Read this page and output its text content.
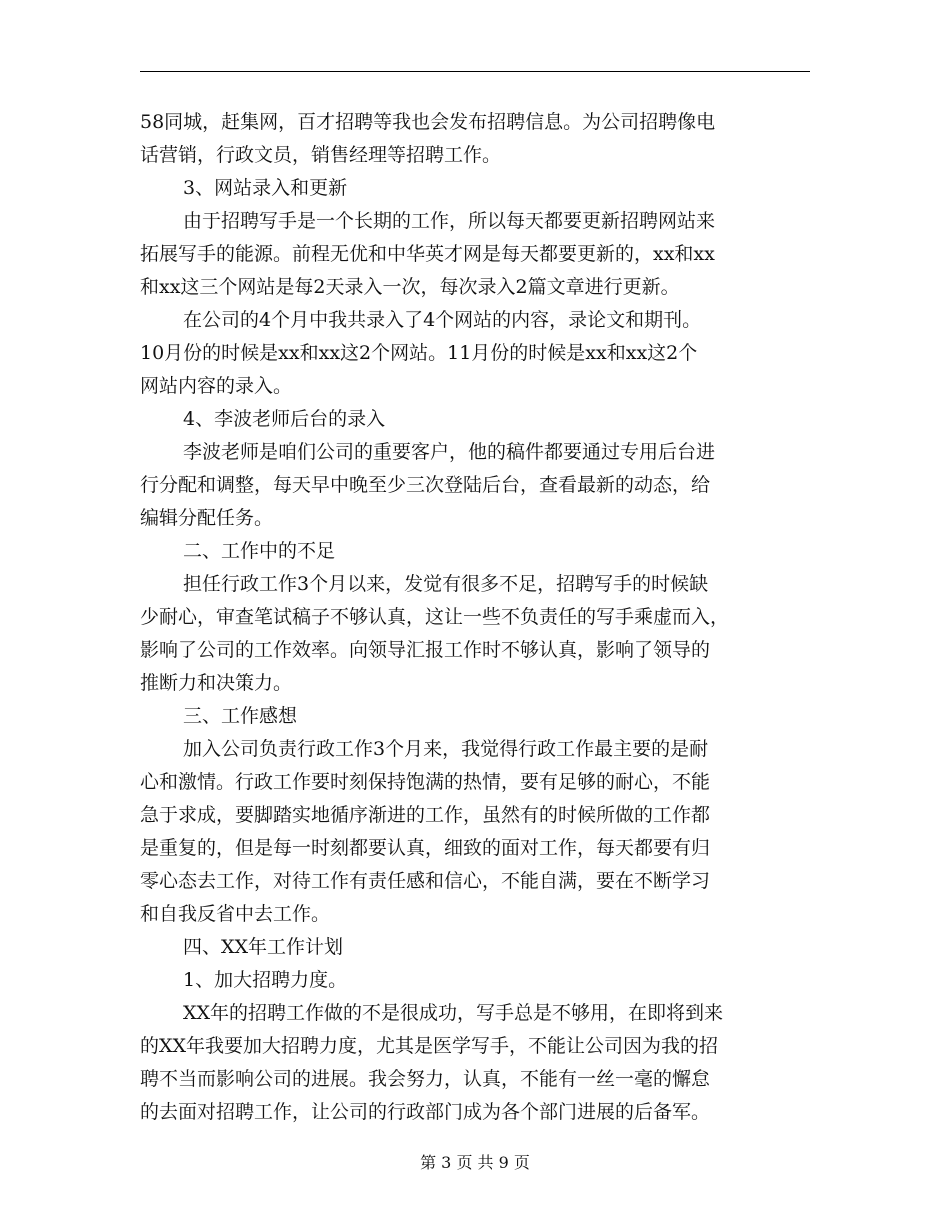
58同城，赶集网，百才招聘等我也会发布招聘信息。为公司招聘像电
话营销，行政文员，销售经理等招聘工作。
3、网站录入和更新
由于招聘写手是一个长期的工作，所以每天都要更新招聘网站来
拓展写手的能源。前程无优和中华英才网是每天都要更新的，xx和xx
和xx这三个网站是每2天录入一次，每次录入2篇文章进行更新。
在公司的4个月中我共录入了4个网站的内容，录论文和期刊。
10月份的时候是xx和xx这2个网站。11月份的时候是xx和xx这2个
网站内容的录入。
4、李波老师后台的录入
李波老师是咱们公司的重要客户，他的稿件都要通过专用后台进
行分配和调整，每天早中晚至少三次登陆后台，查看最新的动态，给
编辑分配任务。
二、工作中的不足
担任行政工作3个月以来，发觉有很多不足，招聘写手的时候缺
少耐心，审查笔试稿子不够认真，这让一些不负责任的写手乘虚而入，
影响了公司的工作效率。向领导汇报工作时不够认真，影响了领导的
推断力和决策力。
三、工作感想
加入公司负责行政工作3个月来，我觉得行政工作最主要的是耐
心和激情。行政工作要时刻保持饱满的热情，要有足够的耐心，不能
急于求成，要脚踏实地循序渐进的工作，虽然有的时候所做的工作都
是重复的，但是每一时刻都要认真，细致的面对工作，每天都要有归
零心态去工作，对待工作有责任感和信心，不能自满，要在不断学习
和自我反省中去工作。
四、XX年工作计划
1、加大招聘力度。
XX年的招聘工作做的不是很成功，写手总是不够用，在即将到来
的XX年我要加大招聘力度，尤其是医学写手，不能让公司因为我的招
聘不当而影响公司的进展。我会努力，认真，不能有一丝一毫的懈怠
的去面对招聘工作，让公司的行政部门成为各个部门进展的后备军。
第 3 页 共 9 页
